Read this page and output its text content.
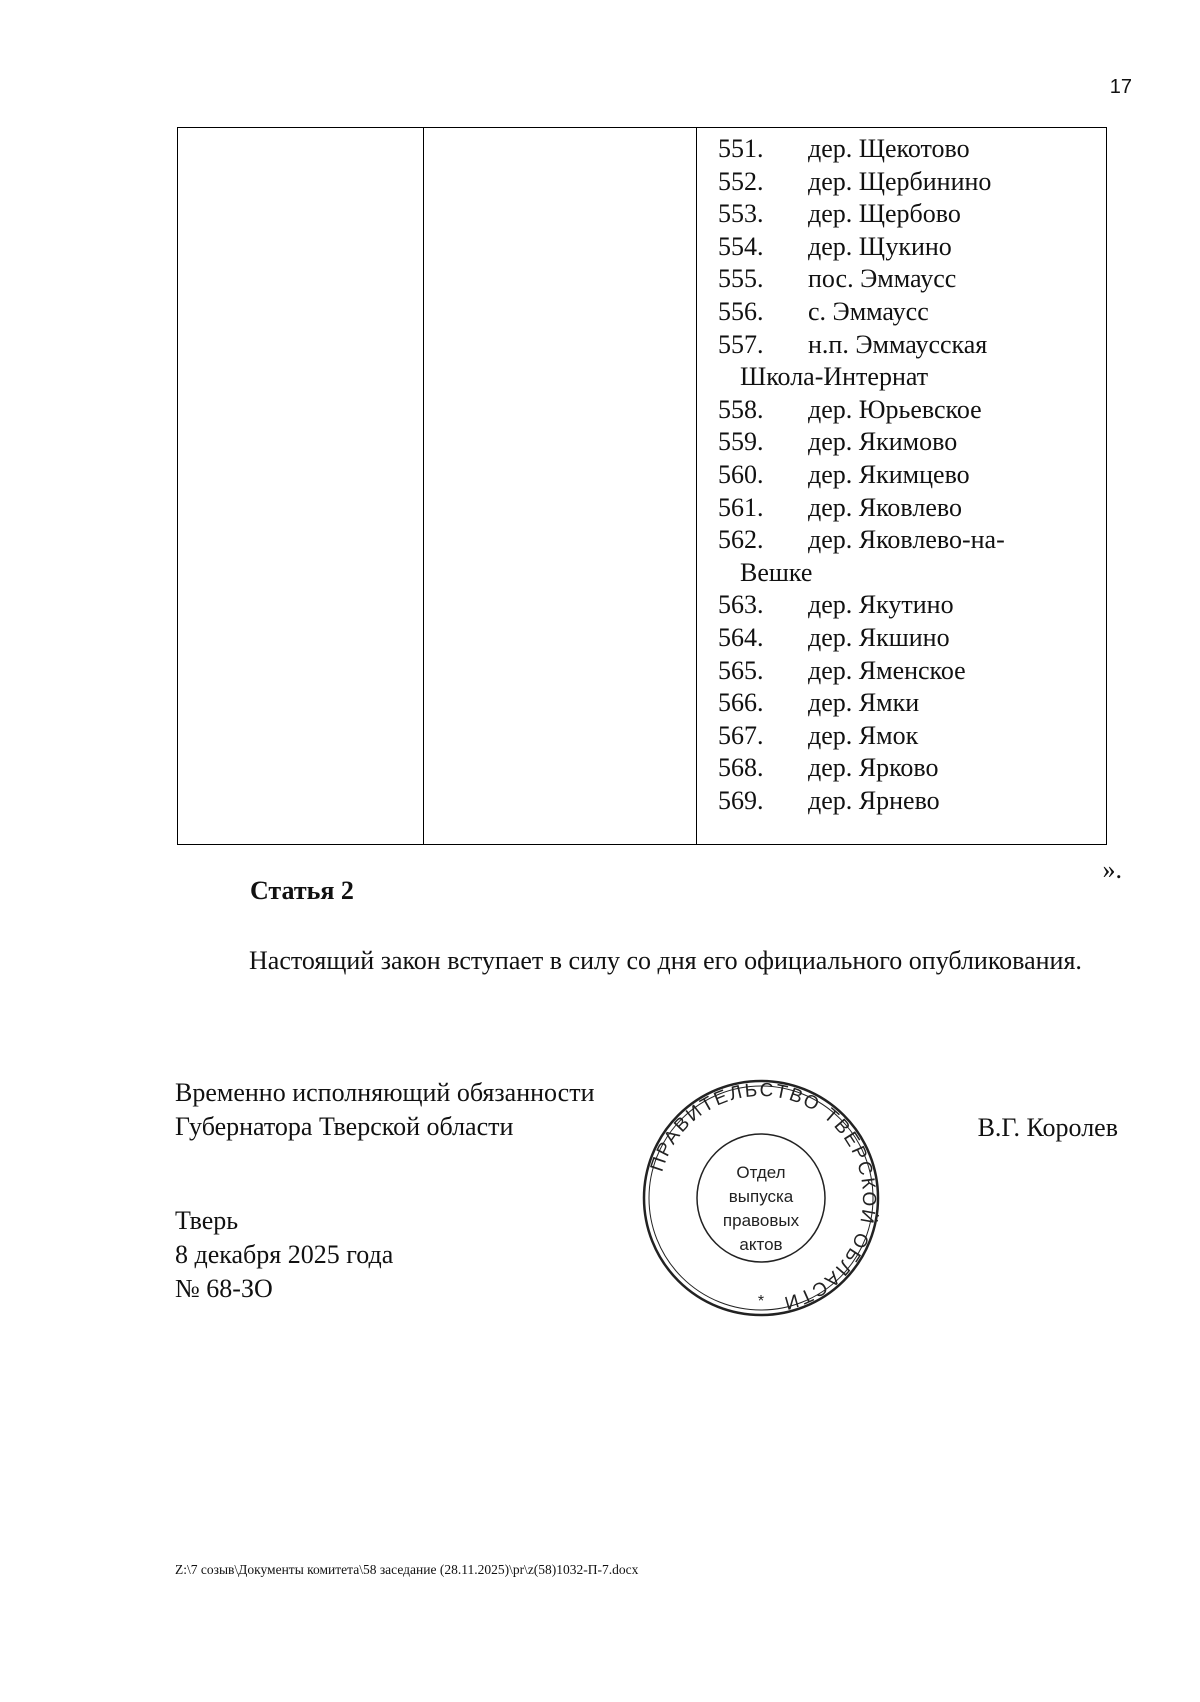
17
551.	дер. Щекотово
552.	дер. Щербинино
553.	дер. Щербово
554.	дер. Щукино
555.	пос. Эммаусс
556.	с. Эммаусс
557.	н.п. Эммаусская
Школа-Интернат
558.	дер. Юрьевское
559.	дер. Якимово
560.	дер. Якимцево
561.	дер. Яковлево
562.	дер. Яковлево-на-
Вешке
563.	дер. Якутино
564.	дер. Якшино
565.	дер. Яменское
566.	дер. Ямки
567.	дер. Ямок
568.	дер. Ярково
569.	дер. Ярнево
».
Статья 2
Настоящий закон вступает в силу со дня его официального опубликования.
Временно исполняющий обязанности
Губернатора Тверской области	В.Г. Королев
Тверь
8 декабря 2025 года
№ 68-ЗО
ПРАВИТЕЛЬСТВО ТВЕРСКОЙ ОБЛАСТИ
*
Отдел
выпуска
правовых
актов
Z:\7 созыв\Документы комитета\58 заседание (28.11.2025)\pr\z(58)1032-П-7.docx
